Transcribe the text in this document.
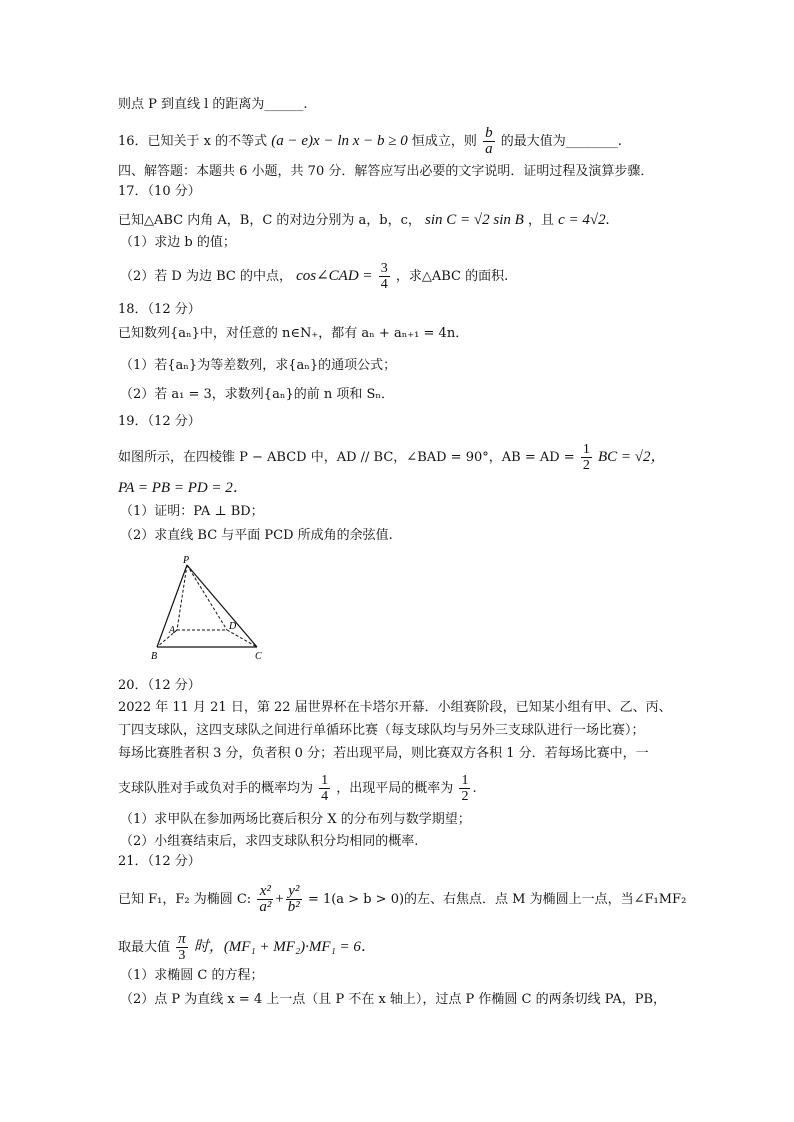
则点 P 到直线 l 的距离为______.
16．已知关于 x 的不等式 (a − e)x − ln x − b ≥ 0 恒成立，则 $\frac{b}{a}$ 的最大值为________.
四、解答题：本题共 6 小题，共 70 分．解答应写出必要的文字说明．证明过程及演算步骤．
17．（10 分）
已知△ABC 内角 A，B，C 的对边分别为 a，b，c， sin C = √2 sin B ，且 c = 4√2.
（1）求边 b 的值；
（2）若 D 为边 BC 的中点， cos∠CAD = $\frac{3}{4}$ ，求△ABC 的面积.
18．（12 分）
已知数列{aₙ}中，对任意的 n∈N₊，都有 aₙ + aₙ₊₁ = 4n．
（1）若{aₙ}为等差数列，求{aₙ}的通项公式；
（2）若 a₁ = 3，求数列{aₙ}的前 n 项和 Sₙ．
19．（12 分）
如图所示，在四棱锥 P − ABCD 中，AD // BC，∠BAD = 90°，AB = AD = $\frac{1}{2}$ BC = √2，
PA = PB = PD = 2．
（1）证明：PA ⊥ BD；
（2）求直线 BC 与平面 PCD 所成角的余弦值.
P
A	D
B	C
20．（12 分）
2022 年 11 月 21 日，第 22 届世界杯在卡塔尔开幕．小组赛阶段，已知某小组有甲、乙、丙、
丁四支球队，这四支球队之间进行单循环比赛（每支球队均与另外三支球队进行一场比赛）；
每场比赛胜者积 3 分，负者积 0 分；若出现平局，则比赛双方各积 1 分．若每场比赛中，一
支球队胜对手或负对手的概率均为 $\frac{1}{4}$ ，出现平局的概率为 $\frac{1}{2}$ .
（1）求甲队在参加两场比赛后积分 X 的分布列与数学期望；
（2）小组赛结束后，求四支球队积分均相同的概率.
21．（12 分）
已知 F₁，F₂ 为椭圆 C: $\frac{\text{x²}}{\text{a²}} + \frac{\text{y²}}{\text{b²}} = 1(a > b > 0)$的左、右焦点．点 M 为椭圆上一点，当∠F₁MF₂
取最大值 $\frac{\pi}{3}$ 时，(MF₁ + MF₂)·MF₁ = 6．
（1）求椭圆 C 的方程；
（2）点 P 为直线 x = 4 上一点（且 P 不在 x 轴上），过点 P 作椭圆 C 的两条切线 PA，PB，
